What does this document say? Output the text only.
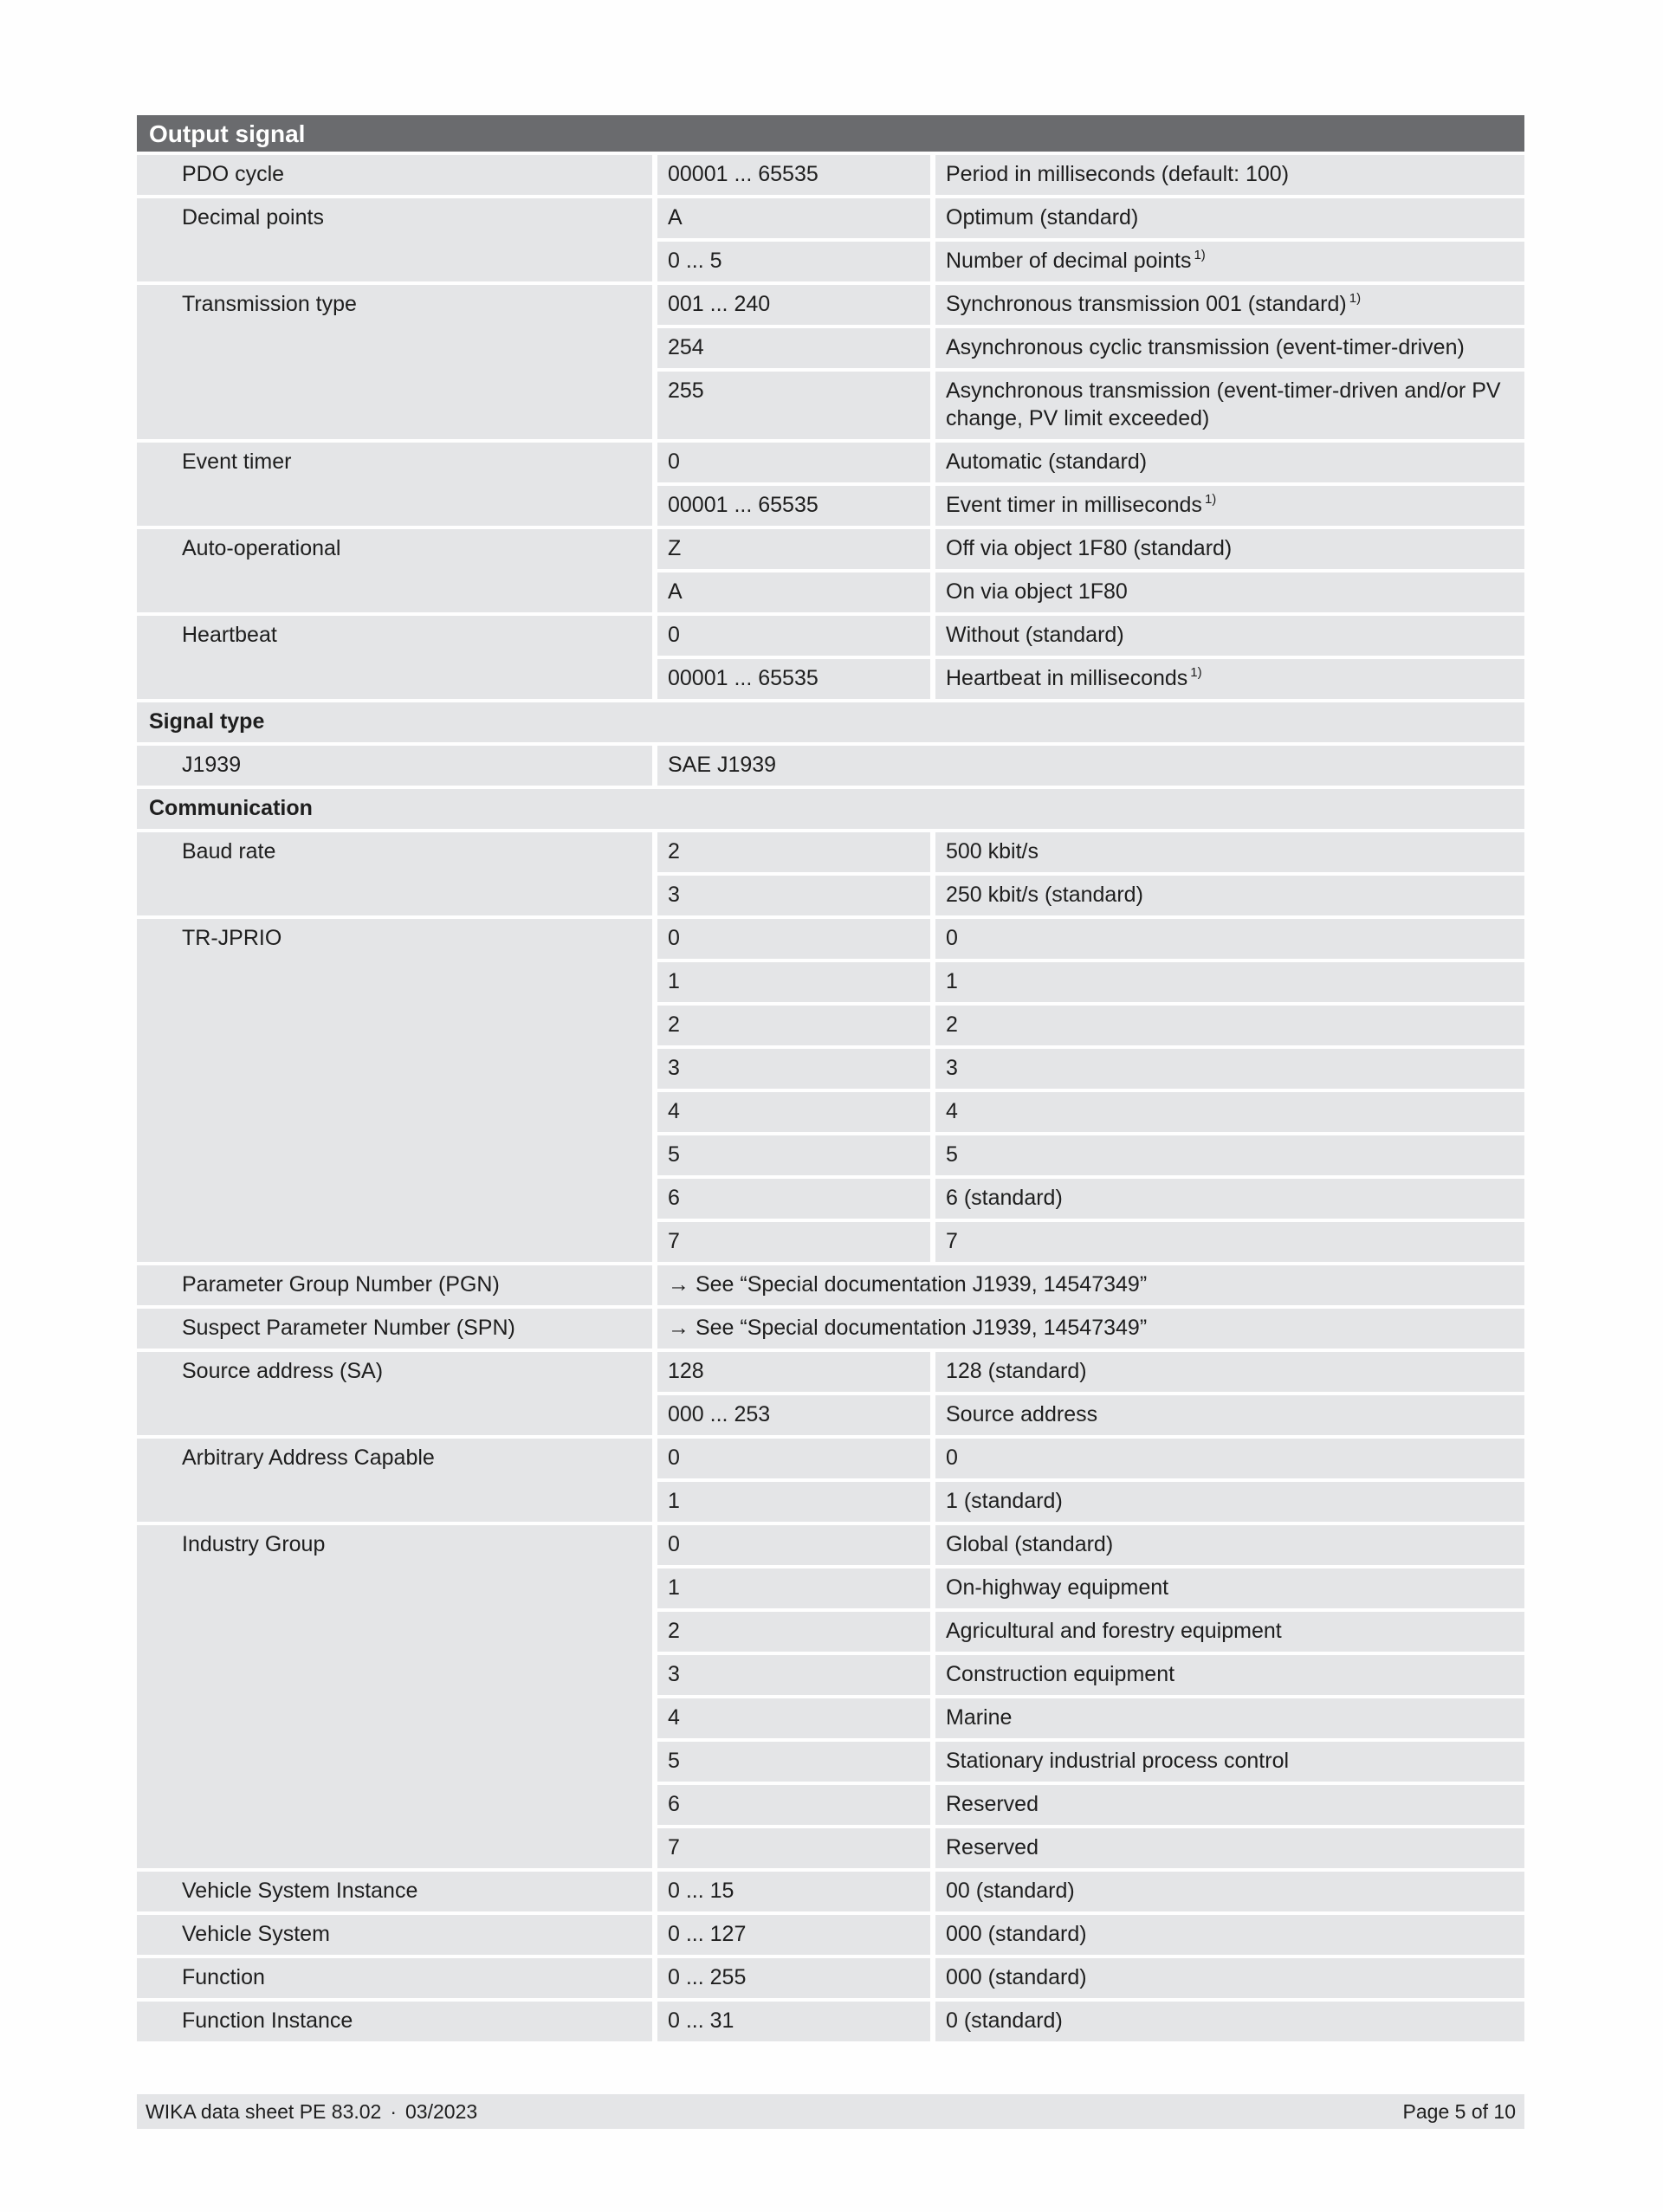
Output signal		
PDO cycle	00001 ... 65535	Period in milliseconds (default: 100)
Decimal points	A	Optimum (standard)
	0 ... 5	Number of decimal points $^{1)}$
Transmission type	001 ... 240	Synchronous transmission 001 (standard) $^{1)}$
	254	Asynchronous cyclic transmission (event-timer-driven)
	255	Asynchronous transmission (event-timer-driven and/or PV change, PV limit exceeded)
Event timer	0	Automatic (standard)
	00001 ... 65535	Event timer in milliseconds $^{1)}$
Auto-operational	Z	Off via object 1F80 (standard)
	A	On via object 1F80
Heartbeat	0	Without (standard)
	00001 ... 65535	Heartbeat in milliseconds $^{1)}$
Signal type		
J1939	SAE J1939	
Communication		
Baud rate	2	500 kbit/s
	3	250 kbit/s (standard)
TR-JPRIO	0	0
	1	1
	2	2
	3	3
	4	4
	5	5
	6	6 (standard)
	7	7
Parameter Group Number (PGN)	→ See “Special documentation J1939, 14547349”	
Suspect Parameter Number (SPN)	→ See “Special documentation J1939, 14547349”	
Source address (SA)	128	128 (standard)
	000 ... 253	Source address
Arbitrary Address Capable	0	0
	1	1 (standard)
Industry Group	0	Global (standard)
	1	On-highway equipment
	2	Agricultural and forestry equipment
	3	Construction equipment
	4	Marine
	5	Stationary industrial process control
	6	Reserved
	7	Reserved
Vehicle System Instance	0 ... 15	00 (standard)
Vehicle System	0 ... 127	000 (standard)
Function	0 ... 255	000 (standard)
Function Instance	0 ... 31	0 (standard)
WIKA data sheet PE 83.02 · 03/2023	Page 5 of 10
